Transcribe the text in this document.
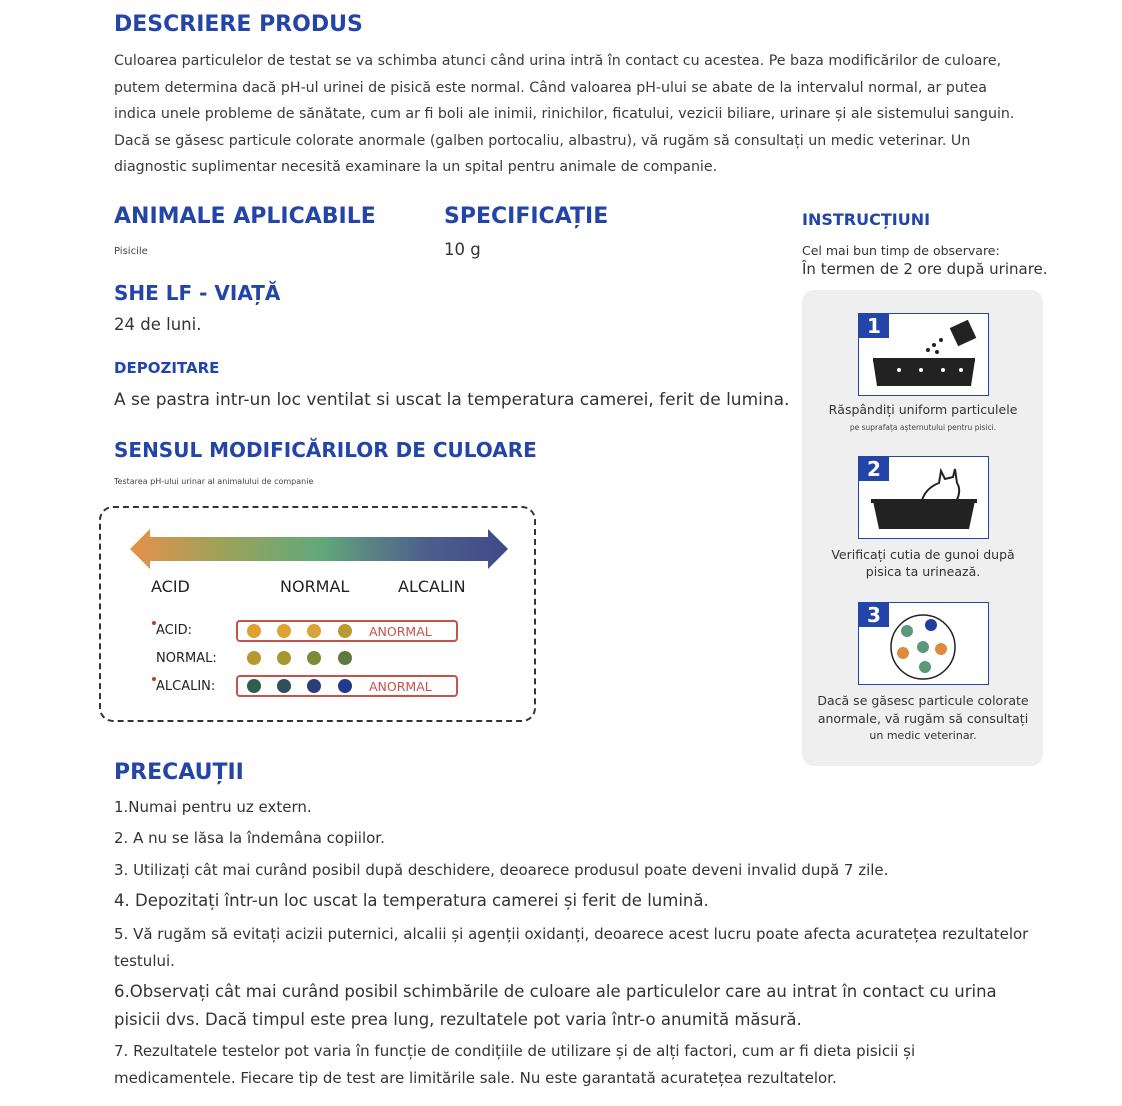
DESCRIERE PRODUS

Culoarea particulelor de testat se va schimba atunci când urina intră în contact cu acestea. Pe baza modificărilor de culoare, putem determina dacă pH-ul urinei de pisică este normal. Când valoarea pH-ului se abate de la intervalul normal, ar putea indica unele probleme de sănătate, cum ar fi boli ale inimii, rinichilor, ficatului, vezicii biliare, urinare și ale sistemului sanguin. Dacă se găsesc particule colorate anormale (galben portocaliu, albastru), vă rugăm să consultați un medic veterinar. Un diagnostic suplimentar necesită examinare la un spital pentru animale de companie.

ANIMALE APLICABILE
Pisicile
SPECIFICAȚIE
10 g
SHE LF - VIAȚĂ
24 de luni.
DEPOZITARE
A se pastra intr-un loc ventilat si uscat la temperatura camerei, ferit de lumina.
SENSUL MODIFICĂRILOR DE CULOARE
Testarea pH-ului urinar al animalului de companie
ACID	NORMAL	ALCALIN
ACID:	ANORMAL
NORMAL:
ALCALIN:	ANORMAL
INSTRUCȚIUNI
Cel mai bun timp de observare:
În termen de 2 ore după urinare.
1
Răspândiți uniform particulele
pe suprafața așternutului pentru pisici.
2
Verificați cutia de gunoi după
pisica ta urinează.
3
Dacă se găsesc particule colorate
anormale, vă rugăm să consultați
un medic veterinar.
PRECAUȚII

1.Numai pentru uz extern.

2. A nu se lăsa la îndemâna copiilor.

3. Utilizați cât mai curând posibil după deschidere, deoarece produsul poate deveni invalid după 7 zile.

4. Depozitați într-un loc uscat la temperatura camerei și ferit de lumină.

5. Vă rugăm să evitați acizii puternici, alcalii și agenții oxidanți, deoarece acest lucru poate afecta acuratețea rezultatelor testului.

6.Observați cât mai curând posibil schimbările de culoare ale particulelor care au intrat în contact cu urina pisicii dvs. Dacă timpul este prea lung, rezultatele pot varia într-o anumită măsură.

7. Rezultatele testelor pot varia în funcție de condițiile de utilizare și de alți factori, cum ar fi dieta pisicii și medicamentele. Fiecare tip de test are limitările sale. Nu este garantată acuratețea rezultatelor.
